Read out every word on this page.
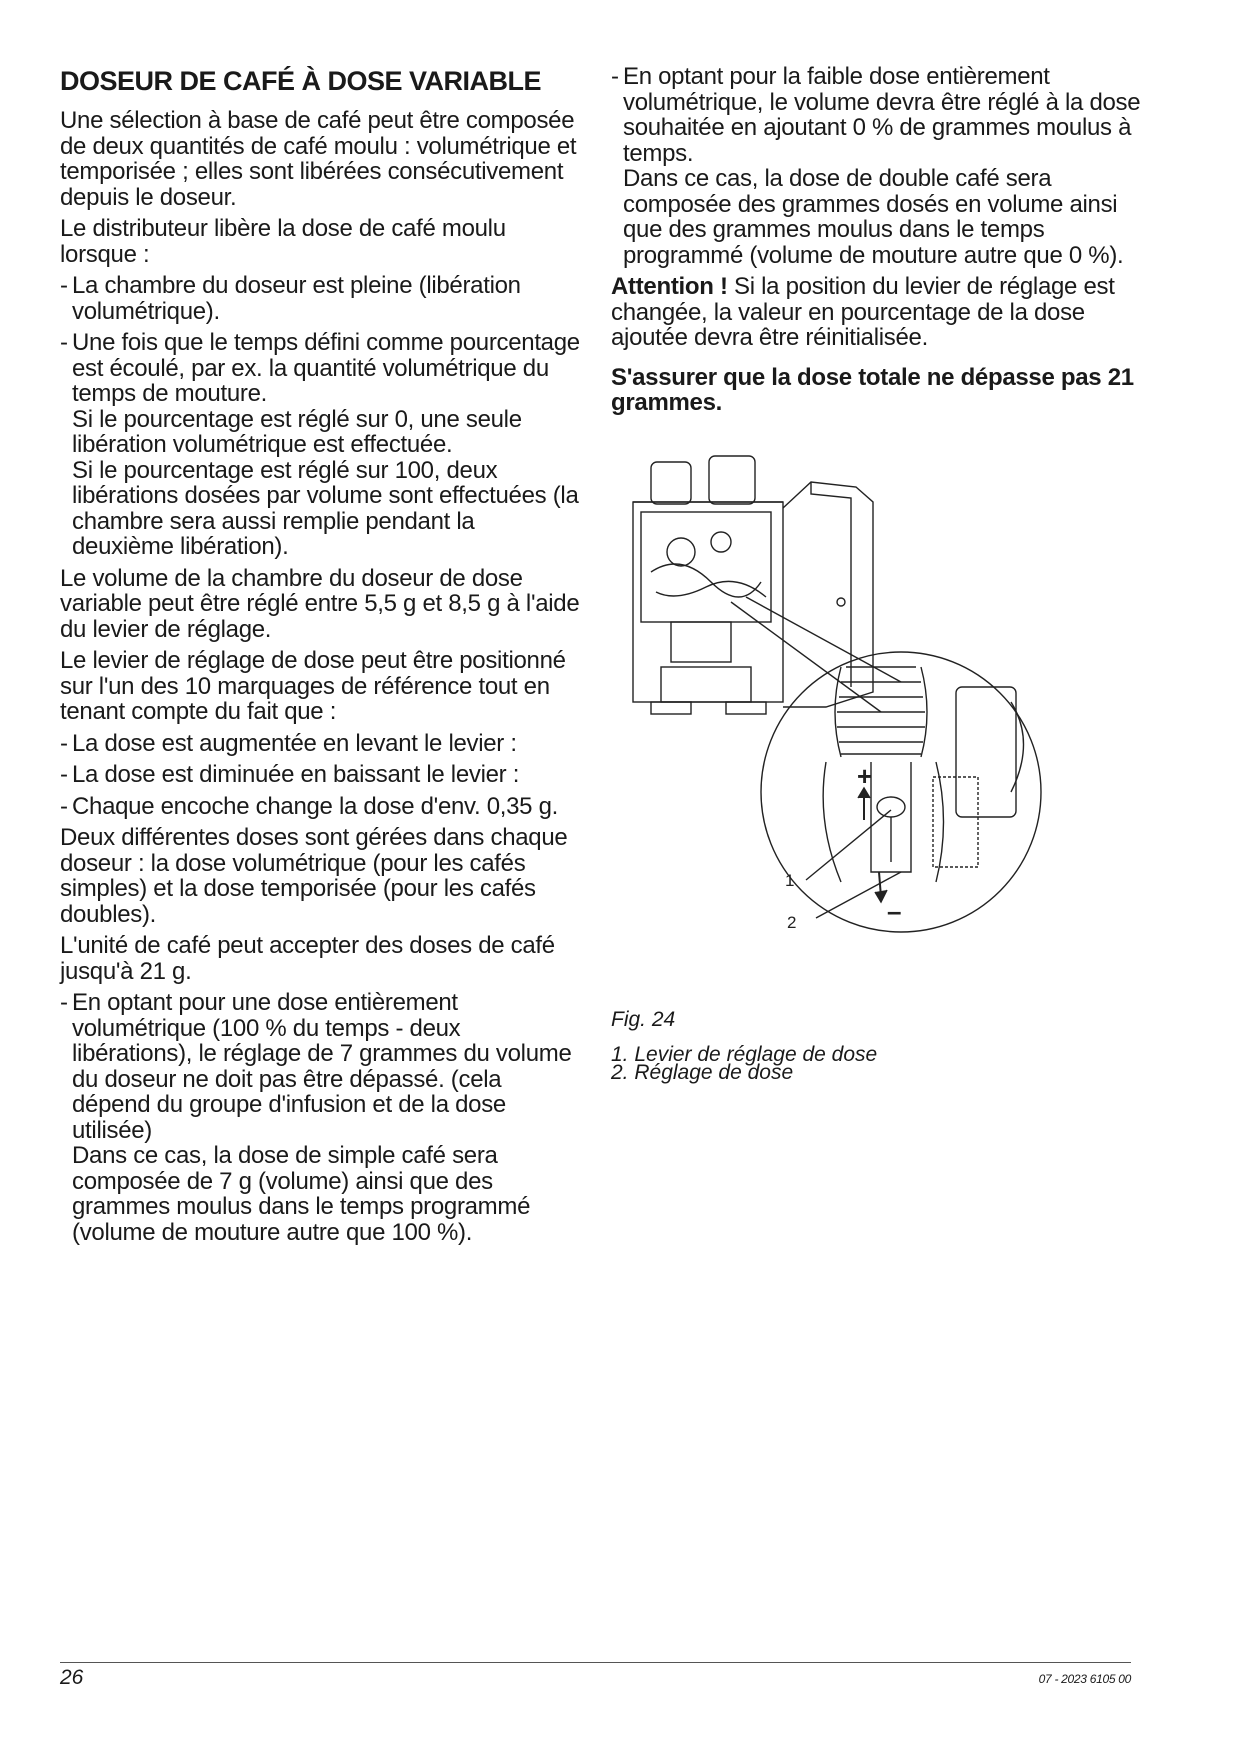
DOSEUR DE CAFÉ À DOSE VARIABLE

Une sélection à base de café peut être composée de deux quantités de café moulu : volumétrique et temporisée ; elles sont libérées consécutivement depuis le doseur.

Le distributeur libère la dose de café moulu lorsque :

- La chambre du doseur est pleine (libération volumétrique).

- Une fois que le temps défini comme pourcentage est écoulé, par ex. la quantité volumétrique du temps de mouture.

Si le pourcentage est réglé sur 0, une seule libération volumétrique est effectuée.

Si le pourcentage est réglé sur 100, deux libérations dosées par volume sont effectuées (la chambre sera aussi remplie pendant la deuxième libération).

Le volume de la chambre du doseur de dose variable peut être réglé entre 5,5 g et 8,5 g à l'aide du levier de réglage.

Le levier de réglage de dose peut être positionné sur l'un des 10 marquages de référence tout en tenant compte du fait que :

- La dose est augmentée en levant le levier :

- La dose est diminuée en baissant le levier :

- Chaque encoche change la dose d'env. 0,35 g.

Deux différentes doses sont gérées dans chaque doseur : la dose volumétrique (pour les cafés simples) et la dose temporisée (pour les cafés doubles).

L'unité de café peut accepter des doses de café jusqu'à 21 g.

- En optant pour une dose entièrement volumétrique (100 % du temps - deux libérations), le réglage de 7 grammes du volume du doseur ne doit pas être dépassé. (cela dépend du groupe d'infusion et de la dose utilisée)

Dans ce cas, la dose de simple café sera composée de 7 g (volume) ainsi que des grammes moulus dans le temps programmé (volume de mouture autre que 100 %).

- En optant pour la faible dose entièrement volumétrique, le volume devra être réglé à la dose souhaitée en ajoutant 0 % de grammes moulus à temps.

Dans ce cas, la dose de double café sera composée des grammes dosés en volume ainsi que des grammes moulus dans le temps programmé (volume de mouture autre que 0 %).

Attention ! Si la position du levier de réglage est changée, la valeur en pourcentage de la dose ajoutée devra être réinitialisée.

S'assurer que la dose totale ne dépasse pas 21 grammes.

+
–
1
2
Fig. 24
1. Levier de réglage de dose
2. Réglage de dose
26	07 - 2023 6105 00
